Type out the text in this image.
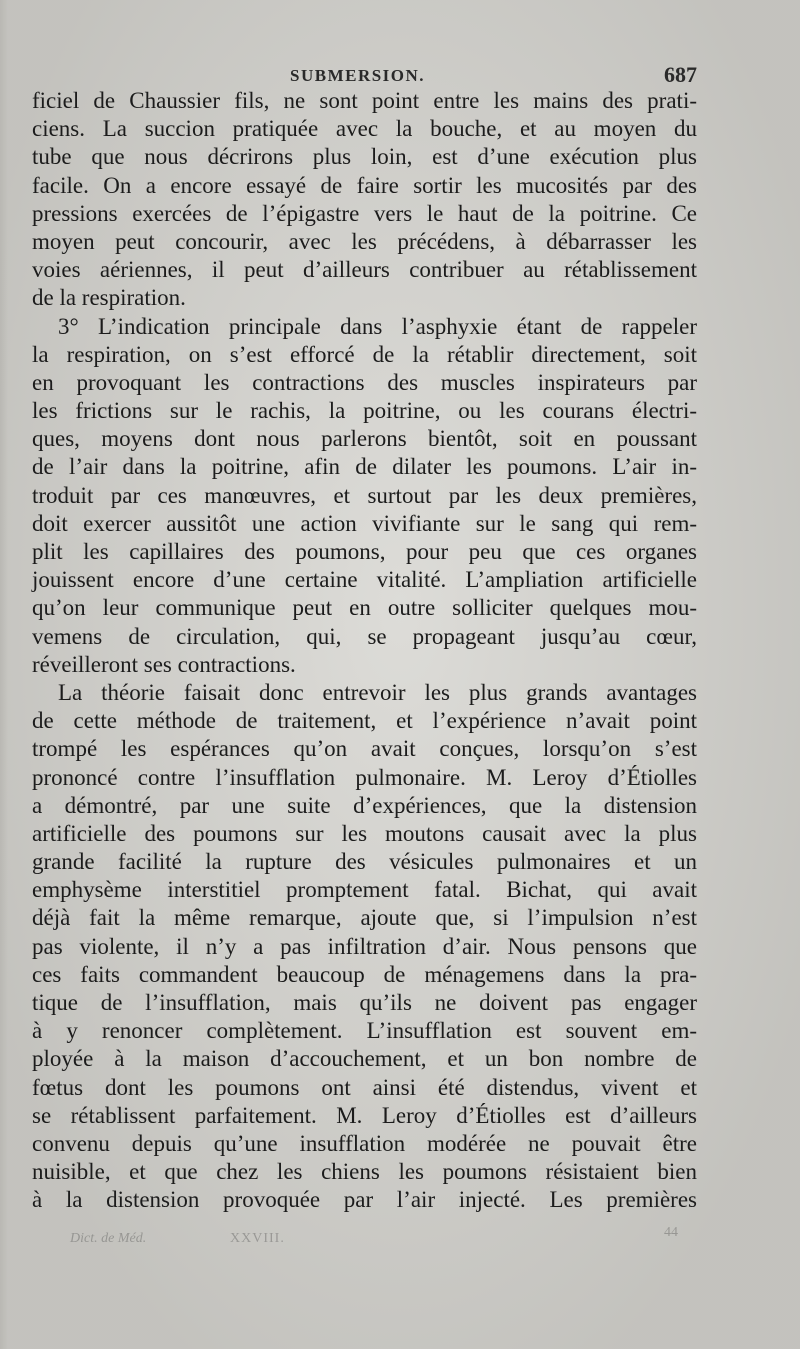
SUBMERSION.	687
ficiel de Chaussier fils, ne sont point entre les mains des prati-
ciens. La succion pratiquée avec la bouche, et au moyen du
tube que nous décrirons plus loin, est d’une exécution plus
facile. On a encore essayé de faire sortir les mucosités par des
pressions exercées de l’épigastre vers le haut de la poitrine. Ce
moyen peut concourir, avec les précédens, à débarrasser les
voies aériennes, il peut d’ailleurs contribuer au rétablissement
de la respiration.
3° L’indication principale dans l’asphyxie étant de rappeler
la respiration, on s’est efforcé de la rétablir directement, soit
en provoquant les contractions des muscles inspirateurs par
les frictions sur le rachis, la poitrine, ou les courans électri-
ques, moyens dont nous parlerons bientôt, soit en poussant
de l’air dans la poitrine, afin de dilater les poumons. L’air in-
troduit par ces manœuvres, et surtout par les deux premières,
doit exercer aussitôt une action vivifiante sur le sang qui rem-
plit les capillaires des poumons, pour peu que ces organes
jouissent encore d’une certaine vitalité. L’ampliation artificielle
qu’on leur communique peut en outre solliciter quelques mou-
vemens de circulation, qui, se propageant jusqu’au cœur,
réveilleront ses contractions.
La théorie faisait donc entrevoir les plus grands avantages
de cette méthode de traitement, et l’expérience n’avait point
trompé les espérances qu’on avait conçues, lorsqu’on s’est
prononcé contre l’insufflation pulmonaire. M. Leroy d’Étiolles
a démontré, par une suite d’expériences, que la distension
artificielle des poumons sur les moutons causait avec la plus
grande facilité la rupture des vésicules pulmonaires et un
emphysème interstitiel promptement fatal. Bichat, qui avait
déjà fait la même remarque, ajoute que, si l’impulsion n’est
pas violente, il n’y a pas infiltration d’air. Nous pensons que
ces faits commandent beaucoup de ménagemens dans la pra-
tique de l’insufflation, mais qu’ils ne doivent pas engager
à y renoncer complètement. L’insufflation est souvent em-
ployée à la maison d’accouchement, et un bon nombre de
fœtus dont les poumons ont ainsi été distendus, vivent et
se rétablissent parfaitement. M. Leroy d’Étiolles est d’ailleurs
convenu depuis qu’une insufflation modérée ne pouvait être
nuisible, et que chez les chiens les poumons résistaient bien
à la distension provoquée par l’air injecté. Les premières
Dict. de Méd.	XXVIII.	44
